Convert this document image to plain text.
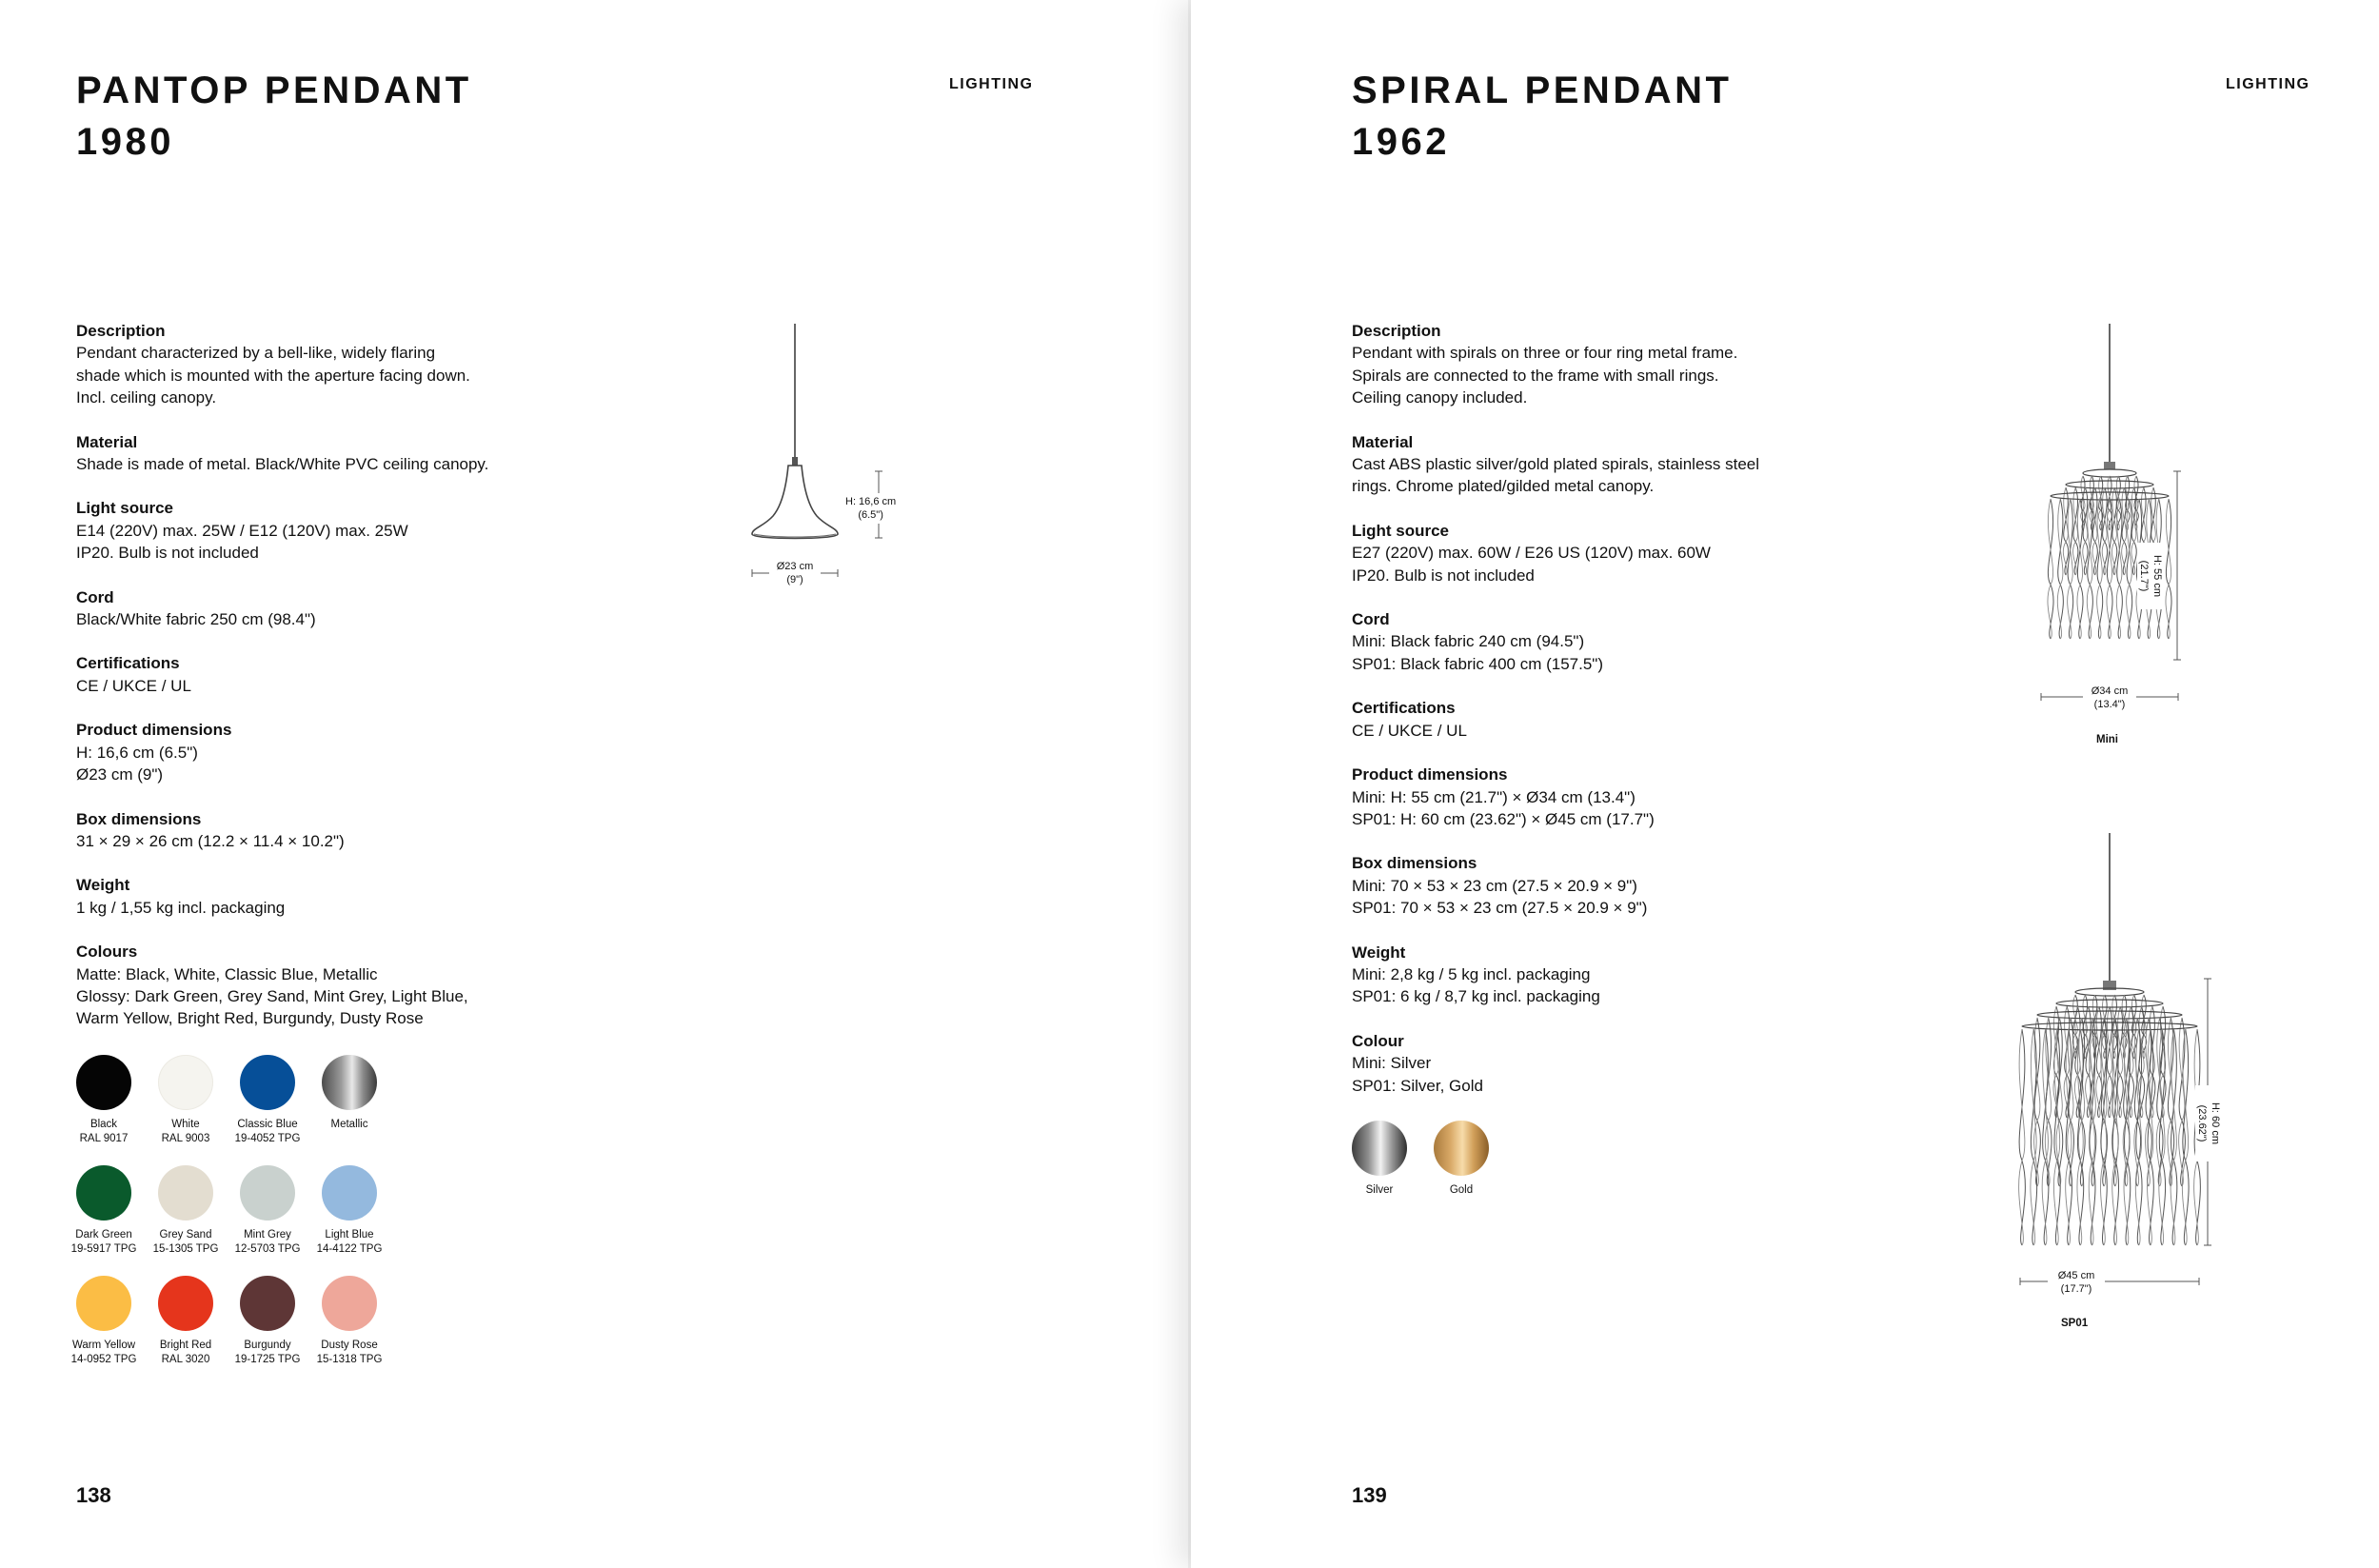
PANTOP PENDANT
1980
LIGHTING
Description
Pendant characterized by a bell-like, widely flaring
shade which is mounted with the aperture facing down.
Incl. ceiling canopy.
Material
Shade is made of metal. Black/White PVC ceiling canopy.
Light source
E14 (220V) max. 25W / E12 (120V) max. 25W
IP20. Bulb is not included
Cord
Black/White fabric 250 cm (98.4")
Certifications
CE / UKCE / UL
Product dimensions
H: 16,6 cm (6.5")
Ø23 cm (9")
Box dimensions
31 × 29 × 26 cm (12.2 × 11.4 × 10.2")
Weight
1 kg / 1,55 kg incl. packaging
Colours
Matte: Black, White, Classic Blue, Metallic
Glossy: Dark Green, Grey Sand, Mint Grey, Light Blue,
Warm Yellow, Bright Red, Burgundy, Dusty Rose
Black
RAL 9017
White
RAL 9003
Classic Blue
19-4052 TPG
Metallic
Dark Green
19-5917 TPG
Grey Sand
15-1305 TPG
Mint Grey
12-5703 TPG
Light Blue
14-4122 TPG
Warm Yellow
14-0952 TPG
Bright Red
RAL 3020
Burgundy
19-1725 TPG
Dusty Rose
15-1318 TPG
H: 16,6 cm
(6.5")
Ø23 cm
(9")
138
SPIRAL PENDANT
1962
LIGHTING
Description
Pendant with spirals on three or four ring metal frame.
Spirals are connected to the frame with small rings.
Ceiling canopy included.
Material
Cast ABS plastic silver/gold plated spirals, stainless steel
rings. Chrome plated/gilded metal canopy.
Light source
E27 (220V) max. 60W / E26 US (120V) max. 60W
IP20. Bulb is not included
Cord
Mini: Black fabric 240 cm (94.5")
SP01: Black fabric 400 cm (157.5")
Certifications
CE / UKCE / UL
Product dimensions
Mini: H: 55 cm (21.7") × Ø34 cm (13.4")
SP01: H: 60 cm (23.62") × Ø45 cm (17.7")
Box dimensions
Mini: 70 × 53 × 23 cm (27.5 × 20.9 × 9")
SP01: 70 × 53 × 23 cm (27.5 × 20.9 × 9")
Weight
Mini: 2,8 kg / 5 kg incl. packaging
SP01: 6 kg / 8,7 kg incl. packaging
Colour
Mini: Silver
SP01: Silver, Gold
Silver	Gold
H: 55 cm
(21.7")
Ø34 cm
(13.4")
Mini
H: 60 cm
(23.62")
Ø45 cm
(17.7")
SP01
139
